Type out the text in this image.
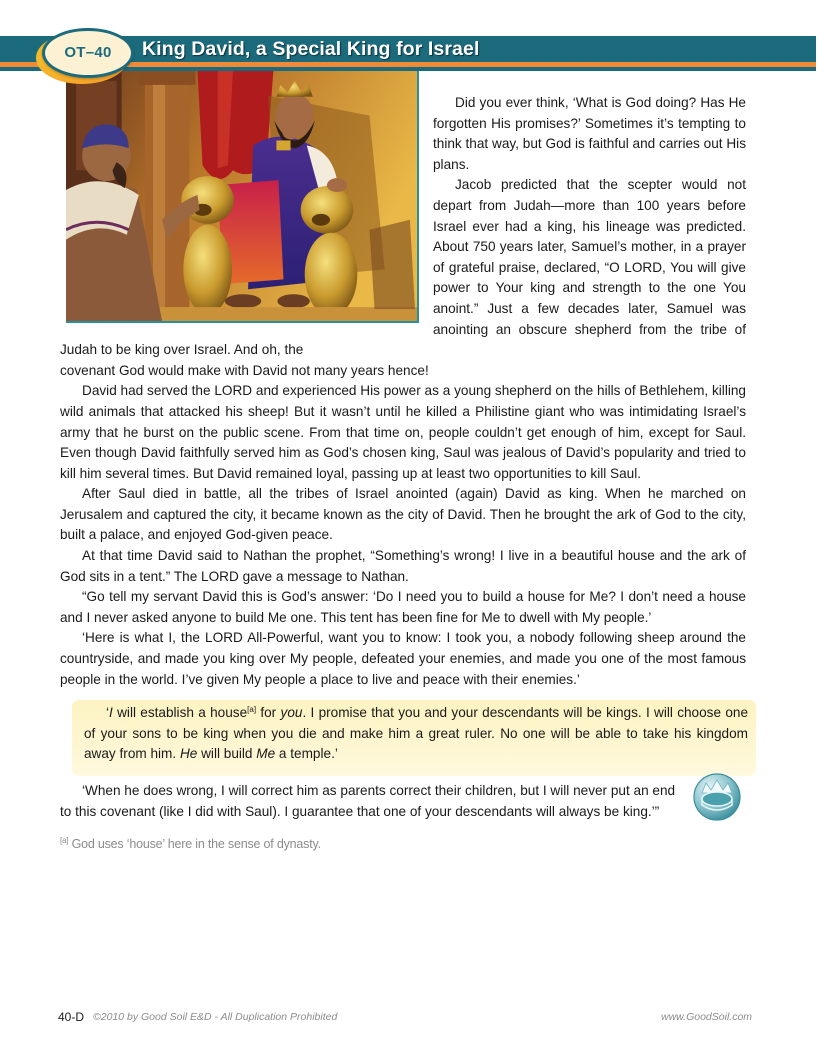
King David, a Special King for Israel
OT–40

Did you ever think, ‘What is God doing? Has He forgotten His promises?’ Sometimes it’s tempting to think that way, but God is faithful and carries out His plans.

Jacob predicted that the scepter would not depart from Judah—more than 100 years before Israel ever had a king, his lineage was predicted. About 750 years later, Samuel’s mother, in a prayer of grateful praise, declared, “O LORD, You will give power to Your king and strength to the one You anoint.” Just a few decades later, Samuel was anointing an obscure shepherd from the tribe of Judah to be king over Israel. And oh, the

covenant God would make with David not many years hence!

David had served the LORD and experienced His power as a young shepherd on the hills of Bethlehem, killing wild animals that attacked his sheep! But it wasn’t until he killed a Philistine giant who was intimidating Israel’s army that he burst on the public scene. From that time on, people couldn’t get enough of him, except for Saul. Even though David faithfully served him as God’s chosen king, Saul was jealous of David’s popularity and tried to kill him several times. But David remained loyal, passing up at least two opportunities to kill Saul.

After Saul died in battle, all the tribes of Israel anointed (again) David as king. When he marched on Jerusalem and captured the city, it became known as the city of David. Then he brought the ark of God to the city, built a palace, and enjoyed God-given peace.

At that time David said to Nathan the prophet, “Something’s wrong! I live in a beautiful house and the ark of God sits in a tent.” The LORD gave a message to Nathan.

“Go tell my servant David this is God’s answer: ‘Do I need you to build a house for Me? I don’t need a house and I never asked anyone to build Me one. This tent has been fine for Me to dwell with My people.’

‘Here is what I, the LORD All-Powerful, want you to know: I took you, a nobody following sheep around the countryside, and made you king over My people, defeated your enemies, and made you one of the most famous people in the world. I’ve given My people a place to live and peace with their enemies.’

‘I will establish a house[a] for you. I promise that you and your descendants will be kings. I will choose one of your sons to be king when you die and make him a great ruler. No one will be able to take his kingdom away from him. He will build Me a temple.’

‘When he does wrong, I will correct him as parents correct their children, but I will never put an end to this covenant (like I did with Saul). I guarantee that one of your descendants will always be king.’”

[a] God uses ‘house’ here in the sense of dynasty.
40-D ©2010 by Good Soil E&D - All Duplication Prohibited	www.GoodSoil.com
